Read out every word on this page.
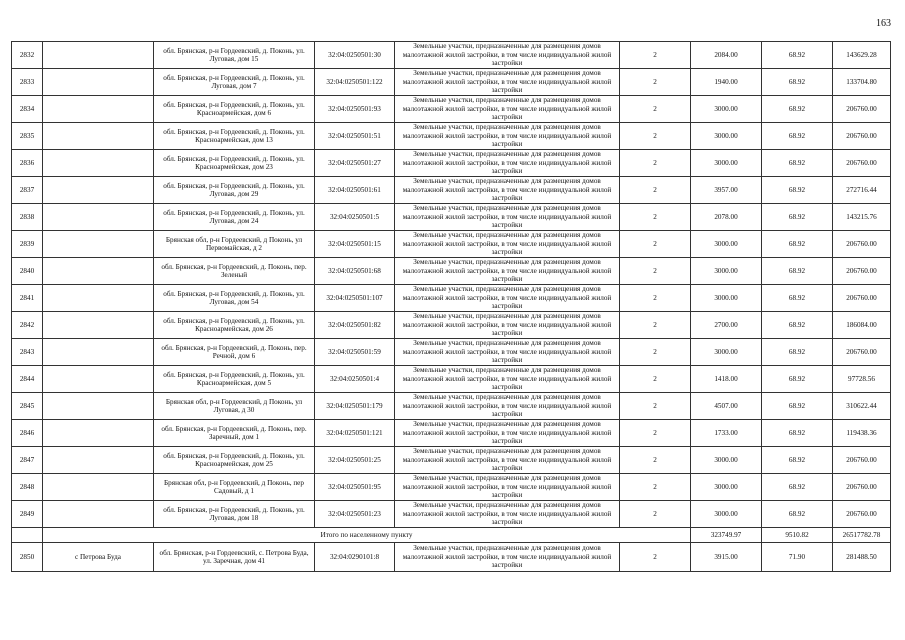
163
2832		обл. Брянская, р-н Гордеевский, д. Поконь, ул. Луговая, дом 15	32:04:0250501:30	Земельные участки, предназначенные для размещения домов малоэтажной жилой застройки, в том числе индивидуальной жилой застройки	2	2084.00	68.92	143629.28
2833		обл. Брянская, р-н Гордеевский, д. Поконь, ул. Луговая, дом 7	32:04:0250501:122	Земельные участки, предназначенные для размещения домов малоэтажной жилой застройки, в том числе индивидуальной жилой застройки	2	1940.00	68.92	133704.80
2834		обл. Брянская, р-н Гордеевский, д. Поконь, ул. Красноармейская, дом 6	32:04:0250501:93	Земельные участки, предназначенные для размещения домов малоэтажной жилой застройки, в том числе индивидуальной жилой застройки	2	3000.00	68.92	206760.00
2835		обл. Брянская, р-н Гордеевский, д. Поконь, ул. Красноармейская, дом 13	32:04:0250501:51	Земельные участки, предназначенные для размещения домов малоэтажной жилой застройки, в том числе индивидуальной жилой застройки	2	3000.00	68.92	206760.00
2836		обл. Брянская, р-н Гордеевский, д. Поконь, ул. Красноармейская, дом 23	32:04:0250501:27	Земельные участки, предназначенные для размещения домов малоэтажной жилой застройки, в том числе индивидуальной жилой застройки	2	3000.00	68.92	206760.00
2837		обл. Брянская, р-н Гордеевский, д. Поконь, ул. Луговая, дом 29	32:04:0250501:61	Земельные участки, предназначенные для размещения домов малоэтажной жилой застройки, в том числе индивидуальной жилой застройки	2	3957.00	68.92	272716.44
2838		обл. Брянская, р-н Гордеевский, д. Поконь, ул. Луговая, дом 24	32:04:0250501:5	Земельные участки, предназначенные для размещения домов малоэтажной жилой застройки, в том числе индивидуальной жилой застройки	2	2078.00	68.92	143215.76
2839		Брянская обл, р-н Гордеевский, д Поконь, ул Первомайская, д 2	32:04:0250501:15	Земельные участки, предназначенные для размещения домов малоэтажной жилой застройки, в том числе индивидуальной жилой застройки	2	3000.00	68.92	206760.00
2840		обл. Брянская, р-н Гордеевский, д. Поконь, пер. Зеленый	32:04:0250501:68	Земельные участки, предназначенные для размещения домов малоэтажной жилой застройки, в том числе индивидуальной жилой застройки	2	3000.00	68.92	206760.00
2841		обл. Брянская, р-н Гордеевский, д. Поконь, ул. Луговая, дом 54	32:04:0250501:107	Земельные участки, предназначенные для размещения домов малоэтажной жилой застройки, в том числе индивидуальной жилой застройки	2	3000.00	68.92	206760.00
2842		обл. Брянская, р-н Гордеевский, д. Поконь, ул. Красноармейская, дом 26	32:04:0250501:82	Земельные участки, предназначенные для размещения домов малоэтажной жилой застройки, в том числе индивидуальной жилой застройки	2	2700.00	68.92	186084.00
2843		обл. Брянская, р-н Гордеевский, д. Поконь, пер. Речной, дом 6	32:04:0250501:59	Земельные участки, предназначенные для размещения домов малоэтажной жилой застройки, в том числе индивидуальной жилой застройки	2	3000.00	68.92	206760.00
2844		обл. Брянская, р-н Гордеевский, д. Поконь, ул. Красноармейская, дом 5	32:04:0250501:4	Земельные участки, предназначенные для размещения домов малоэтажной жилой застройки, в том числе индивидуальной жилой застройки	2	1418.00	68.92	97728.56
2845		Брянская обл, р-н Гордеевский, д Поконь, ул Луговая, д 30	32:04:0250501:179	Земельные участки, предназначенные для размещения домов малоэтажной жилой застройки, в том числе индивидуальной жилой застройки	2	4507.00	68.92	310622.44
2846		обл. Брянская, р-н Гордеевский, д. Поконь, пер. Заречный, дом 1	32:04:0250501:121	Земельные участки, предназначенные для размещения домов малоэтажной жилой застройки, в том числе индивидуальной жилой застройки	2	1733.00	68.92	119438.36
2847		обл. Брянская, р-н Гордеевский, д. Поконь, ул. Красноармейская, дом 25	32:04:0250501:25	Земельные участки, предназначенные для размещения домов малоэтажной жилой застройки, в том числе индивидуальной жилой застройки	2	3000.00	68.92	206760.00
2848		Брянская обл, р-н Гордеевский, д Поконь, пер Садовый, д 1	32:04:0250501:95	Земельные участки, предназначенные для размещения домов малоэтажной жилой застройки, в том числе индивидуальной жилой застройки	2	3000.00	68.92	206760.00
2849		обл. Брянская, р-н Гордеевский, д. Поконь, ул. Луговая, дом 18	32:04:0250501:23	Земельные участки, предназначенные для размещения домов малоэтажной жилой застройки, в том числе индивидуальной жилой застройки	2	3000.00	68.92	206760.00
	Итого по населенному пункту					323749.97	9510.82	26517782.78
2850	с Петрова Буда	обл. Брянская, р-н Гордеевский, с. Петрова Буда, ул. Заречная, дом 41	32:04:0290101:8	Земельные участки, предназначенные для размещения домов малоэтажной жилой застройки, в том числе индивидуальной жилой застройки	2	3915.00	71.90	281488.50
